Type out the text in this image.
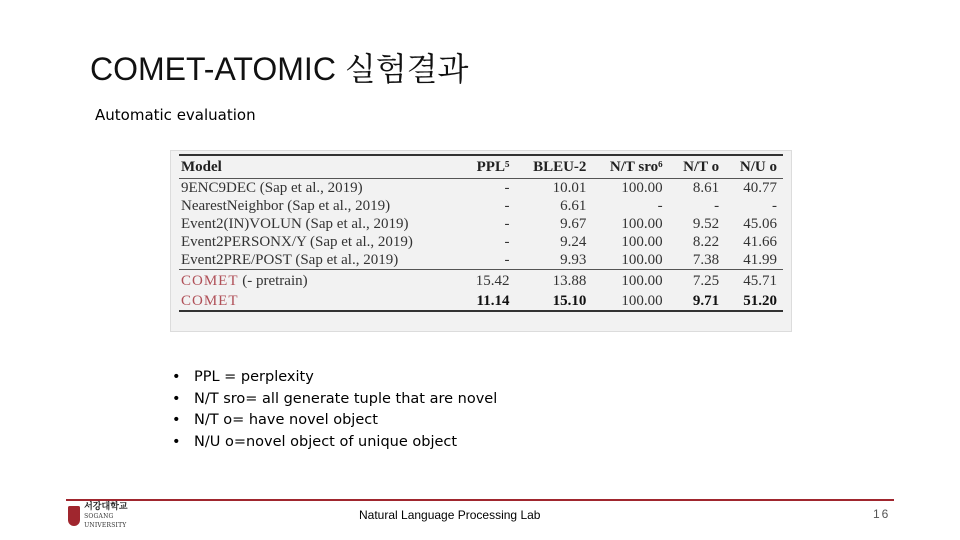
COMET-ATOMIC 실험결과
Automatic evaluation
Model	PPL⁵	BLEU-2	N/T sro⁶	N/T o	N/U o
9ENC9DEC (Sap et al., 2019)	-	10.01	100.00	8.61	40.77
NearestNeighbor (Sap et al., 2019)	-	6.61	-	-	-
Event2(IN)VOLUN (Sap et al., 2019)	-	9.67	100.00	9.52	45.06
Event2PERSONX/Y (Sap et al., 2019)	-	9.24	100.00	8.22	41.66
Event2PRE/POST (Sap et al., 2019)	-	9.93	100.00	7.38	41.99
COMET (- pretrain)	15.42	13.88	100.00	7.25	45.71
COMET	11.14	15.10	100.00	9.71	51.20
• PPL = perplexity
• N/T sro= all generate tuple that are novel
• N/T o= have novel object
• N/U o=novel object of unique object
서강대학교
SOGANG UNIVERSITY
Natural Language Processing Lab	16
